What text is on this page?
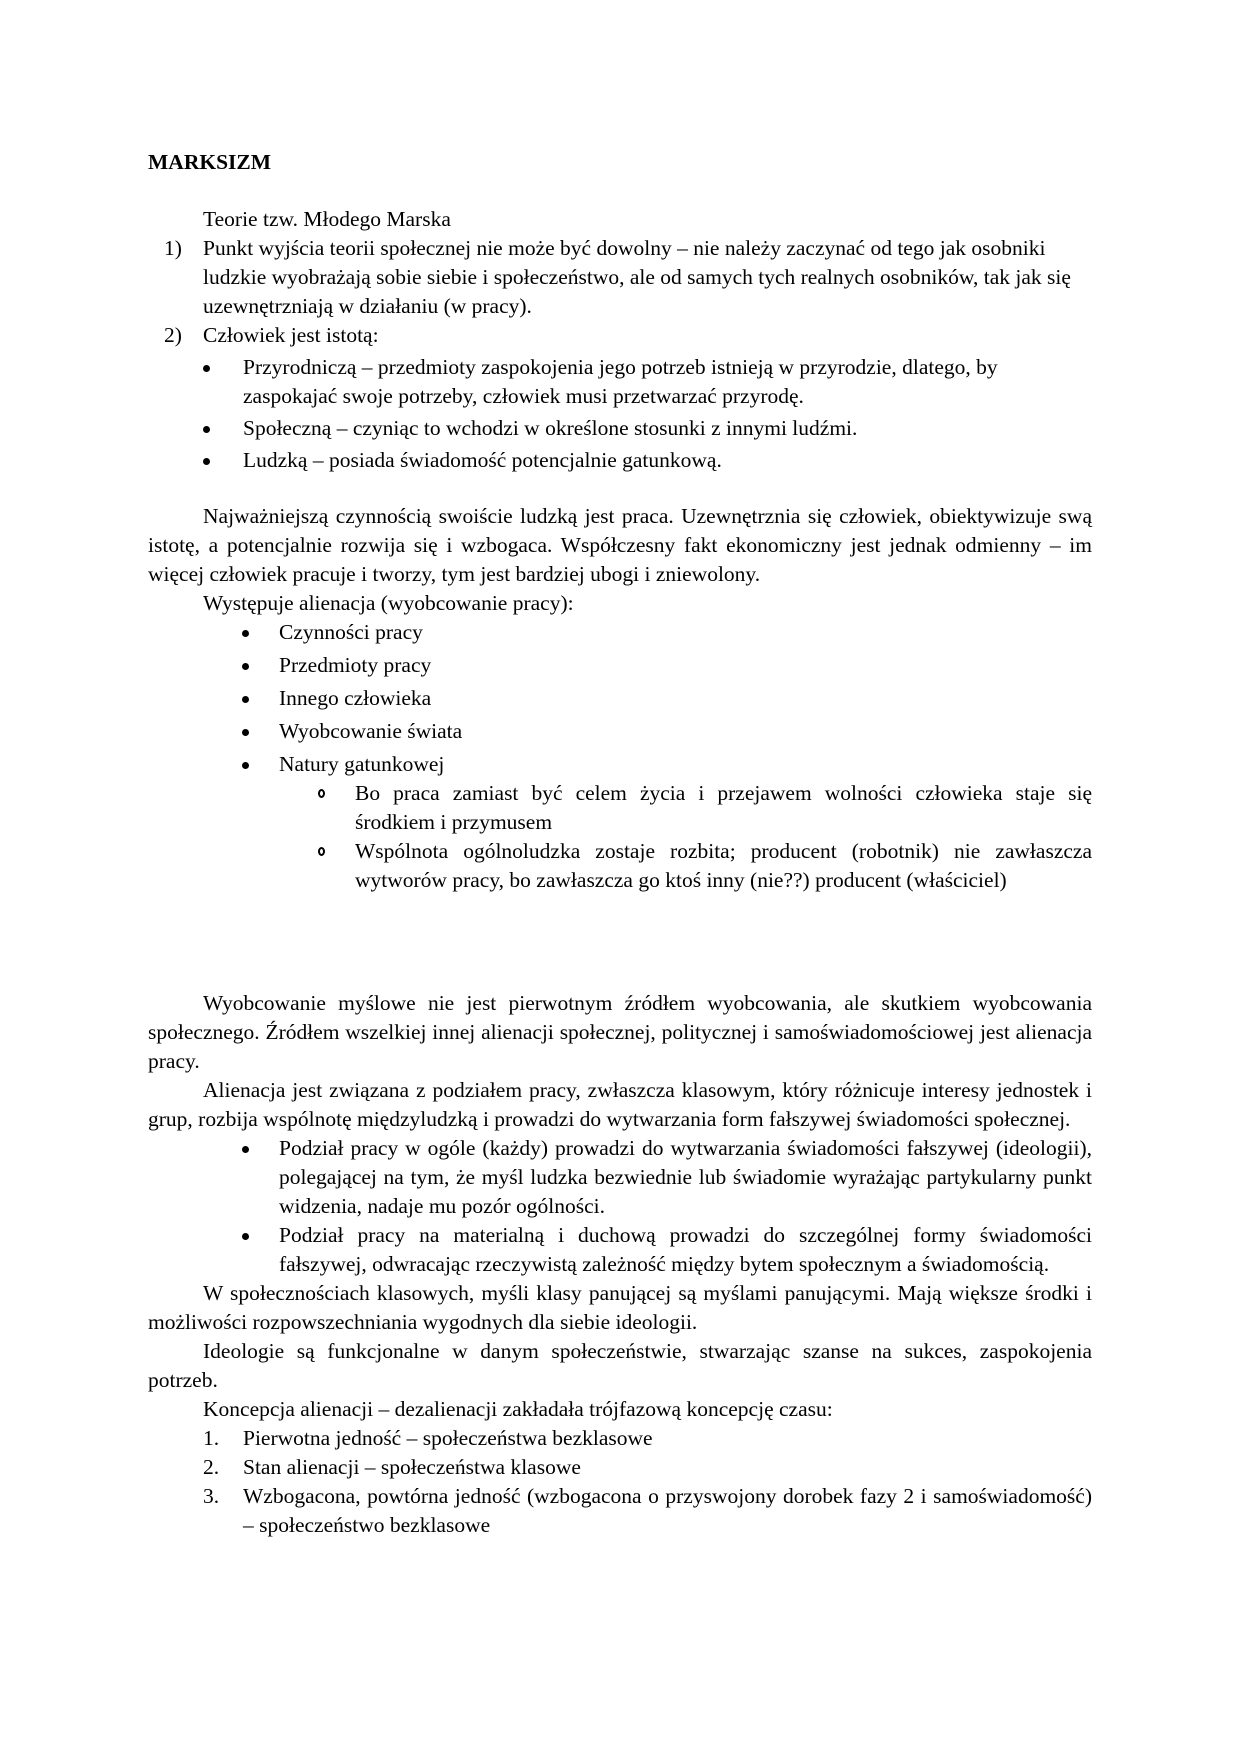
MARKSIZM

Teorie tzw. Młodego Marska

1) Punkt wyjścia teorii społecznej nie może być dowolny – nie należy zaczynać od tego jak osobniki ludzkie wyobrażają sobie siebie i społeczeństwo, ale od samych tych realnych osobników, tak jak się uzewnętrzniają w działaniu (w pracy).
2) Człowiek jest istotą:
Przyrodniczą – przedmioty zaspokojenia jego potrzeb istnieją w przyrodzie, dlatego, by zaspokajać swoje potrzeby, człowiek musi przetwarzać przyrodę.
Społeczną – czyniąc to wchodzi w określone stosunki z innymi ludźmi.
Ludzką – posiada świadomość potencjalnie gatunkową.

Najważniejszą czynnością swoiście ludzką jest praca. Uzewnętrznia się człowiek, obiektywizuje swą istotę, a potencjalnie rozwija się i wzbogaca. Współczesny fakt ekonomiczny jest jednak odmienny – im więcej człowiek pracuje i tworzy, tym jest bardziej ubogi i zniewolony.

Występuje alienacja (wyobcowanie pracy):

Czynności pracy
Przedmioty pracy
Innego człowieka
Wyobcowanie świata
Natury gatunkowej
Bo praca zamiast być celem życia i przejawem wolności człowieka staje się środkiem i przymusem
Wspólnota ogólnoludzka zostaje rozbita; producent (robotnik) nie zawłaszcza wytworów pracy, bo zawłaszcza go ktoś inny (nie??) producent (właściciel)

Wyobcowanie myślowe nie jest pierwotnym źródłem wyobcowania, ale skutkiem wyobcowania społecznego. Źródłem wszelkiej innej alienacji społecznej, politycznej i samoświadomościowej jest alienacja pracy.

Alienacja jest związana z podziałem pracy, zwłaszcza klasowym, który różnicuje interesy jednostek i grup, rozbija wspólnotę międzyludzką i prowadzi do wytwarzania form fałszywej świadomości społecznej.

Podział pracy w ogóle (każdy) prowadzi do wytwarzania świadomości fałszywej (ideologii), polegającej na tym, że myśl ludzka bezwiednie lub świadomie wyrażając partykularny punkt widzenia, nadaje mu pozór ogólności.
Podział pracy na materialną i duchową prowadzi do szczególnej formy świadomości fałszywej, odwracając rzeczywistą zależność między bytem społecznym a świadomością.

W społecznościach klasowych, myśli klasy panującej są myślami panującymi. Mają większe środki i możliwości rozpowszechniania wygodnych dla siebie ideologii.

Ideologie są funkcjonalne w danym społeczeństwie, stwarzając szanse na sukces, zaspokojenia potrzeb.

Koncepcja alienacji – dezalienacji zakładała trójfazową koncepcję czasu:

1. Pierwotna jedność – społeczeństwa bezklasowe
2. Stan alienacji – społeczeństwa klasowe
3. Wzbogacona, powtórna jedność (wzbogacona o przyswojony dorobek fazy 2 i samoświadomość) – społeczeństwo bezklasowe
